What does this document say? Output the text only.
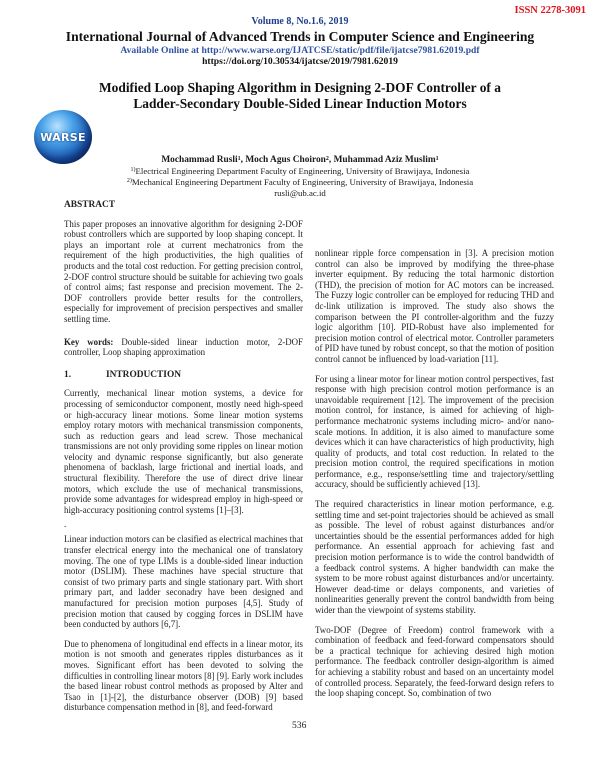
ISSN 2278-3091
Volume 8, No.1.6, 2019
International Journal of Advanced Trends in Computer Science and Engineering
Available Online at http://www.warse.org/IJATCSE/static/pdf/file/ijatcse7981.62019.pdf
https://doi.org/10.30534/ijatcse/2019/7981.62019
Modified Loop Shaping Algorithm in Designing 2-DOF Controller of a
Ladder-Secondary Double-Sided Linear Induction Motors
WARSE
Mochammad Rusli$^1$, Moch Agus Choiron$^2$, Muhammad Aziz Muslim$^1$
$^{1)}$Electrical Engineering Department Faculty of Engineering, University of Brawijaya, Indonesia
$^{2)}$Mechanical Engineering Department Faculty of Engineering, University of Brawijaya, Indonesia
rusli@ub.ac.id
ABSTRACT

This paper proposes an innovative algorithm for designing 2-DOF robust controllers which are supported by loop shaping concept. It plays an important role at current mechatronics from the requirement of the high productivities, the high qualities of products and the total cost reduction. For getting precision control, 2-DOF control structure should be suitable for achieving two goals of control aims; fast response and precision movement. The 2-DOF controllers provide better results for the controllers, especially for improvement of precision perspectives and smaller settling time.

Key words: Double-sided linear induction motor, 2-DOF controller, Loop shaping approximation

1.	INTRODUCTION

Currently, mechanical linear motion systems, a device for processing of semiconductor component, mostly need high-speed or high-accuracy linear motions. Some linear motion systems employ rotary motors with mechanical transmission components, such as reduction gears and lead screw. Those mechanical transmissions are not only providing some ripples on linear motion velocity and dynamic response significantly, but also generate phenomena of backlash, large frictional and inertial loads, and structural flexibility. Therefore the use of direct drive linear motors, which exclude the use of mechanical transmissions, provide some advantages for widespread employ in high-speed or high-accuracy positioning control systems [1]–[3].

.

Linear induction motors can be clasified as electrical machines that transfer electrical energy into the mechanical one of translatory moving. The one of type LIMs is a double-sided linear induction motor (DSLIM). These machines have special structure that consist of two primary parts and single stationary part. With short primary part, and ladder seconadry have been designed and manufactured for precision motion purposes [4,5]. Study of precision motion that caused by cogging forces in DSLIM have been conducted by authors [6,7].

Due to phenomena of longitudinal end effects in a linear motor, its motion is not smooth and generates ripples disturbances as it moves. Significant effort has been devoted to solving the difficulties in controlling linear motors [8] [9]. Early work includes the based linear robust control methods as proposed by Alter and Tsao in [1]-[2], the disturbance observer (DOB) [9] based disturbance compensation method in [8], and feed-forward

nonlinear ripple force compensation in [3]. A precision motion control can also be improved by modifying the three-phase inverter equipment. By reducing the total harmonic distortion (THD), the precision of motion for AC motors can be increased. The Fuzzy logic controller can be employed for reducing THD and dc-link utilization is improved. The study also shows the comparison between the PI controller-algorithm and the fuzzy logic algorithm [10]. PID-Robust have also implemented for precision motion control of electrical motor. Controller parameters of PID have tuned by robust concept, so that the motion of position control cannot be influenced by load-variation [11].

For using a linear motor for linear motion control perspectives, fast response with high precision control motion performance is an unavoidable requirement [12]. The improvement of the precision motion control, for instance, is aimed for achieving of high-performance mechatronic systems including micro- and/or nano-scale motions. In addition, it is also aimed to manufacture some devices which it can have characteristics of high productivity, high quality of products, and total cost reduction. In related to the precision motion control, the required specifications in motion performance, e.g., response/settling time and trajectory/settling accuracy, should be sufficiently achieved [13].

The required characteristics in linear motion performance, e.g. settling time and set-point trajectories should be achieved as small as possible. The level of robust against disturbances and/or uncertainties should be the essential performances added for high performance. An essential approach for achieving fast and precision motion performance is to wide the control bandwidth of a feedback control systems. A higher bandwidth can make the system to be more robust against disturbances and/or uncertainty. However dead-time or delays components, and varieties of nonlinearities generally prevent the control bandwidth from being wider than the viewpoint of systems stability.

Two-DOF (Degree of Freedom) control framework with a combination of feedback and feed-forward compensators should be a practical technique for achieving desired high motion performance. The feedback controller design-algorithm is aimed for achieving a stability robust and based on an uncertainty model of controlled process. Separately, the feed-forward design refers to the loop shaping concept. So, combination of two

536
